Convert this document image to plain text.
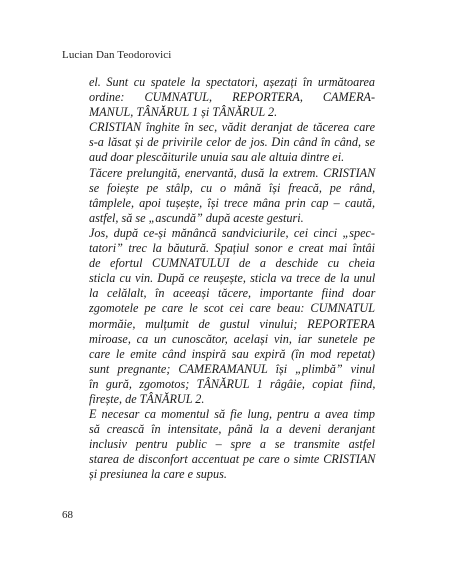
Lucian Dan Teodorovici
el. Sunt cu spatele la spectatori, așezați în următoarea
ordine: CUMNATUL, REPORTERA, CAMERA-
MANUL, TÂNĂRUL 1 și TÂNĂRUL 2.
CRISTIAN înghite în sec, vădit deranjat de tăcerea care
s-a lăsat și de privirile celor de jos. Din când în când, se
aud doar plescăiturile unuia sau ale altuia dintre ei.
Tăcere prelungită, enervantă, dusă la extrem. CRISTIAN
se foiește pe stâlp, cu o mână își freacă, pe rând,
tâmplele, apoi tușește, își trece mâna prin cap – caută,
astfel, să se „ascundă” după aceste gesturi.
Jos, după ce-și mănâncă sandviciurile, cei cinci „spec-
tatori” trec la băutură. Spațiul sonor e creat mai întâi
de efortul CUMNATULUI de a deschide cu cheia
sticla cu vin. După ce reușește, sticla va trece de la unul
la celălalt, în aceeași tăcere, importante fiind doar
zgomotele pe care le scot cei care beau: CUMNATUL
mormăie, mulțumit de gustul vinului; REPORTERA
miroase, ca un cunoscător, același vin, iar sunetele pe
care le emite când inspiră sau expiră (în mod repetat)
sunt pregnante; CAMERAMANUL își „plimbă” vinul
în gură, zgomotos; TÂNĂRUL 1 râgâie, copiat fiind,
firește, de TÂNĂRUL 2.
E necesar ca momentul să fie lung, pentru a avea timp
să crească în intensitate, până la a deveni deranjant
inclusiv pentru public – spre a se transmite astfel
starea de disconfort accentuat pe care o simte CRISTIAN
și presiunea la care e supus.
68
